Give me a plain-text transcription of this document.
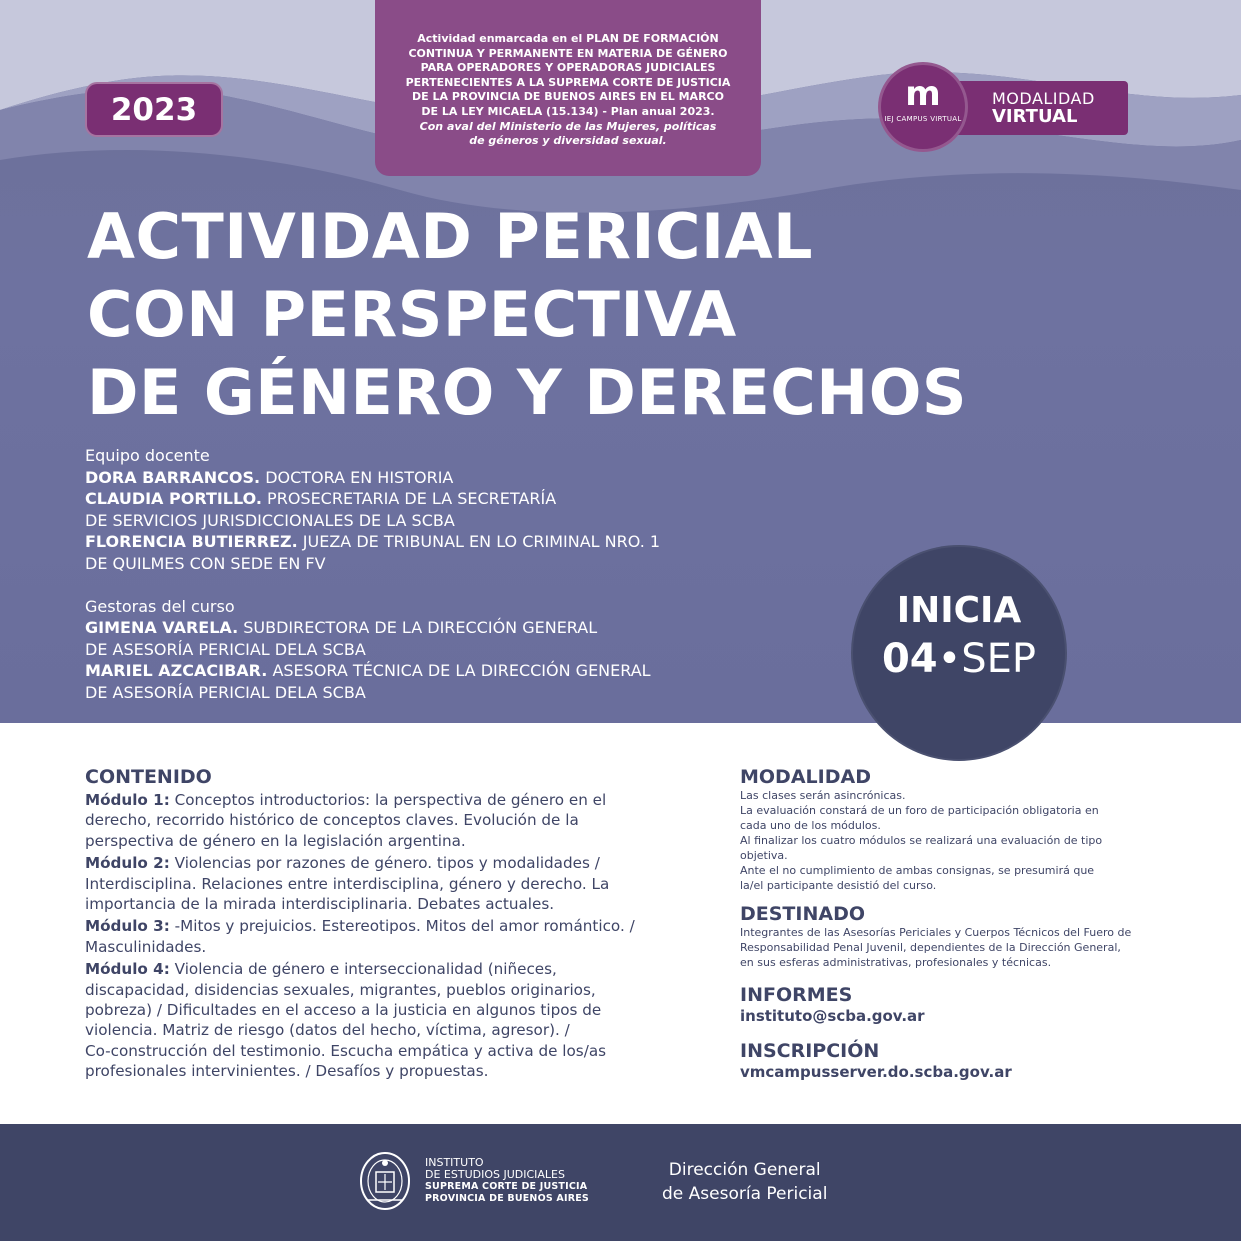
2023
Actividad enmarcada en el PLAN DE FORMACIÓN
CONTINUA Y PERMANENTE EN MATERIA DE GÉNERO
PARA OPERADORES Y OPERADORAS JUDICIALES
PERTENECIENTES A LA SUPREMA CORTE DE JUSTICIA
DE LA PROVINCIA DE BUENOS AIRES EN EL MARCO
DE LA LEY MICAELA (15.134) - Plan anual 2023.
Con aval del Ministerio de las Mujeres, políticas
de géneros y diversidad sexual.
MODALIDAD
VIRTUAL
m
IEJ CAMPUS VIRTUAL
ACTIVIDAD PERICIAL
CON PERSPECTIVA
DE GÉNERO Y DERECHOS
Equipo docente
DORA BARRANCOS. DOCTORA EN HISTORIA
CLAUDIA PORTILLO. PROSECRETARIA DE LA SECRETARÍA
DE SERVICIOS JURISDICCIONALES DE LA SCBA
FLORENCIA BUTIERREZ. JUEZA DE TRIBUNAL EN LO CRIMINAL NRO. 1
DE QUILMES CON SEDE EN FV
Gestoras del curso
GIMENA VARELA. SUBDIRECTORA DE LA DIRECCIÓN GENERAL
DE ASESORÍA PERICIAL DELA SCBA
MARIEL AZCACIBAR. ASESORA TÉCNICA DE LA DIRECCIÓN GENERAL
DE ASESORÍA PERICIAL DELA SCBA
INICIA
04•SEP
CONTENIDO

Módulo 1: Conceptos introductorios: la perspectiva de género en el
derecho, recorrido histórico de conceptos claves. Evolución de la
perspectiva de género en la legislación argentina.

Módulo 2: Violencias por razones de género. tipos y modalidades /
Interdisciplina. Relaciones entre interdisciplina, género y derecho. La
importancia de la mirada interdisciplinaria. Debates actuales.

Módulo 3: -Mitos y prejuicios. Estereotipos. Mitos del amor romántico. /
Masculinidades.

Módulo 4: Violencia de género e interseccionalidad (niñeces,
discapacidad, disidencias sexuales, migrantes, pueblos originarios,
pobreza) / Dificultades en el acceso a la justicia en algunos tipos de
violencia. Matriz de riesgo (datos del hecho, víctima, agresor). /
Co-construcción del testimonio. Escucha empática y activa de los/as
profesionales intervinientes. / Desafíos y propuestas.

MODALIDAD
Las clases serán asincrónicas.
La evaluación constará de un foro de participación obligatoria en
cada uno de los módulos.
Al finalizar los cuatro módulos se realizará una evaluación de tipo
objetiva.
Ante el no cumplimiento de ambas consignas, se presumirá que
la/el participante desistió del curso.
DESTINADO
Integrantes de las Asesorías Periciales y Cuerpos Técnicos del Fuero de
Responsabilidad Penal Juvenil, dependientes de la Dirección General,
en sus esferas administrativas, profesionales y técnicas.
INFORMES
instituto@scba.gov.ar
INSCRIPCIÓN
vmcampusserver.do.scba.gov.ar
INSTITUTO
DE ESTUDIOS JUDICIALES
SUPREMA CORTE DE JUSTICIA
PROVINCIA DE BUENOS AIRES
Dirección General
de Asesoría Pericial
